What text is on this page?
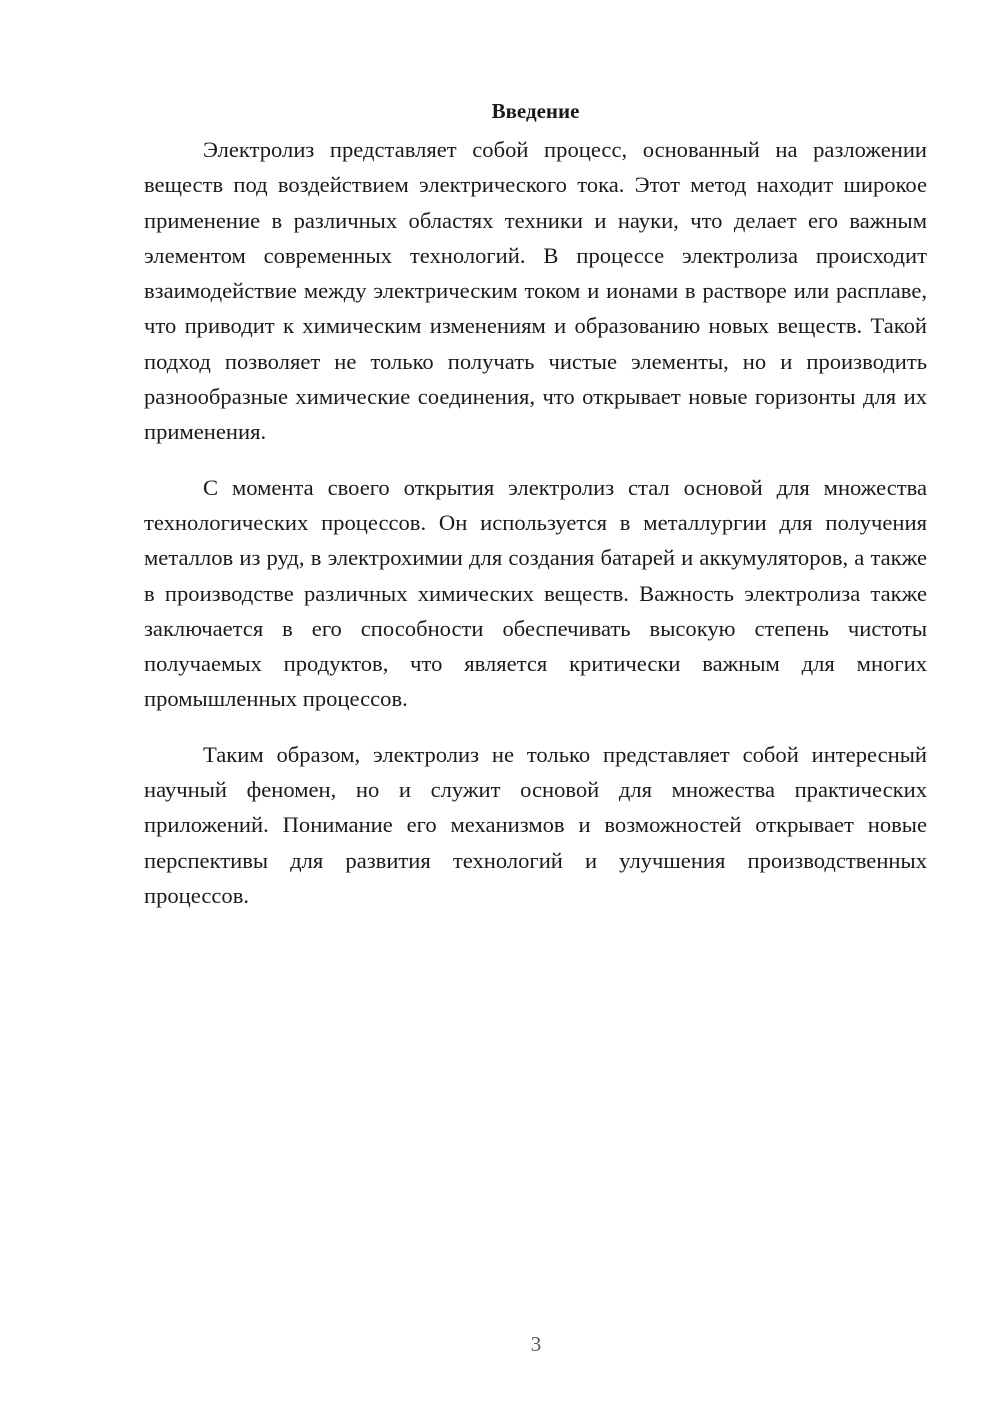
Введение

Электролиз представляет собой процесс, основанный на разложении веществ под воздействием электрического тока. Этот метод находит широкое применение в различных областях техники и науки, что делает его важным элементом современных технологий. В процессе электролиза происходит взаимодействие между электрическим током и ионами в растворе или расплаве, что приводит к химическим изменениям и образованию новых веществ. Такой подход позволяет не только получать чистые элементы, но и производить разнообразные химические соединения, что открывает новые горизонты для их применения.

С момента своего открытия электролиз стал основой для множества технологических процессов. Он используется в металлургии для получения металлов из руд, в электрохимии для создания батарей и аккумуляторов, а также в производстве различных химических веществ. Важность электролиза также заключается в его способности обеспечивать высокую степень чистоты получаемых продуктов, что является критически важным для многих промышленных процессов.

Таким образом, электролиз не только представляет собой интересный научный феномен, но и служит основой для множества практических приложений. Понимание его механизмов и возможностей открывает новые перспективы для развития технологий и улучшения производственных процессов.

3
